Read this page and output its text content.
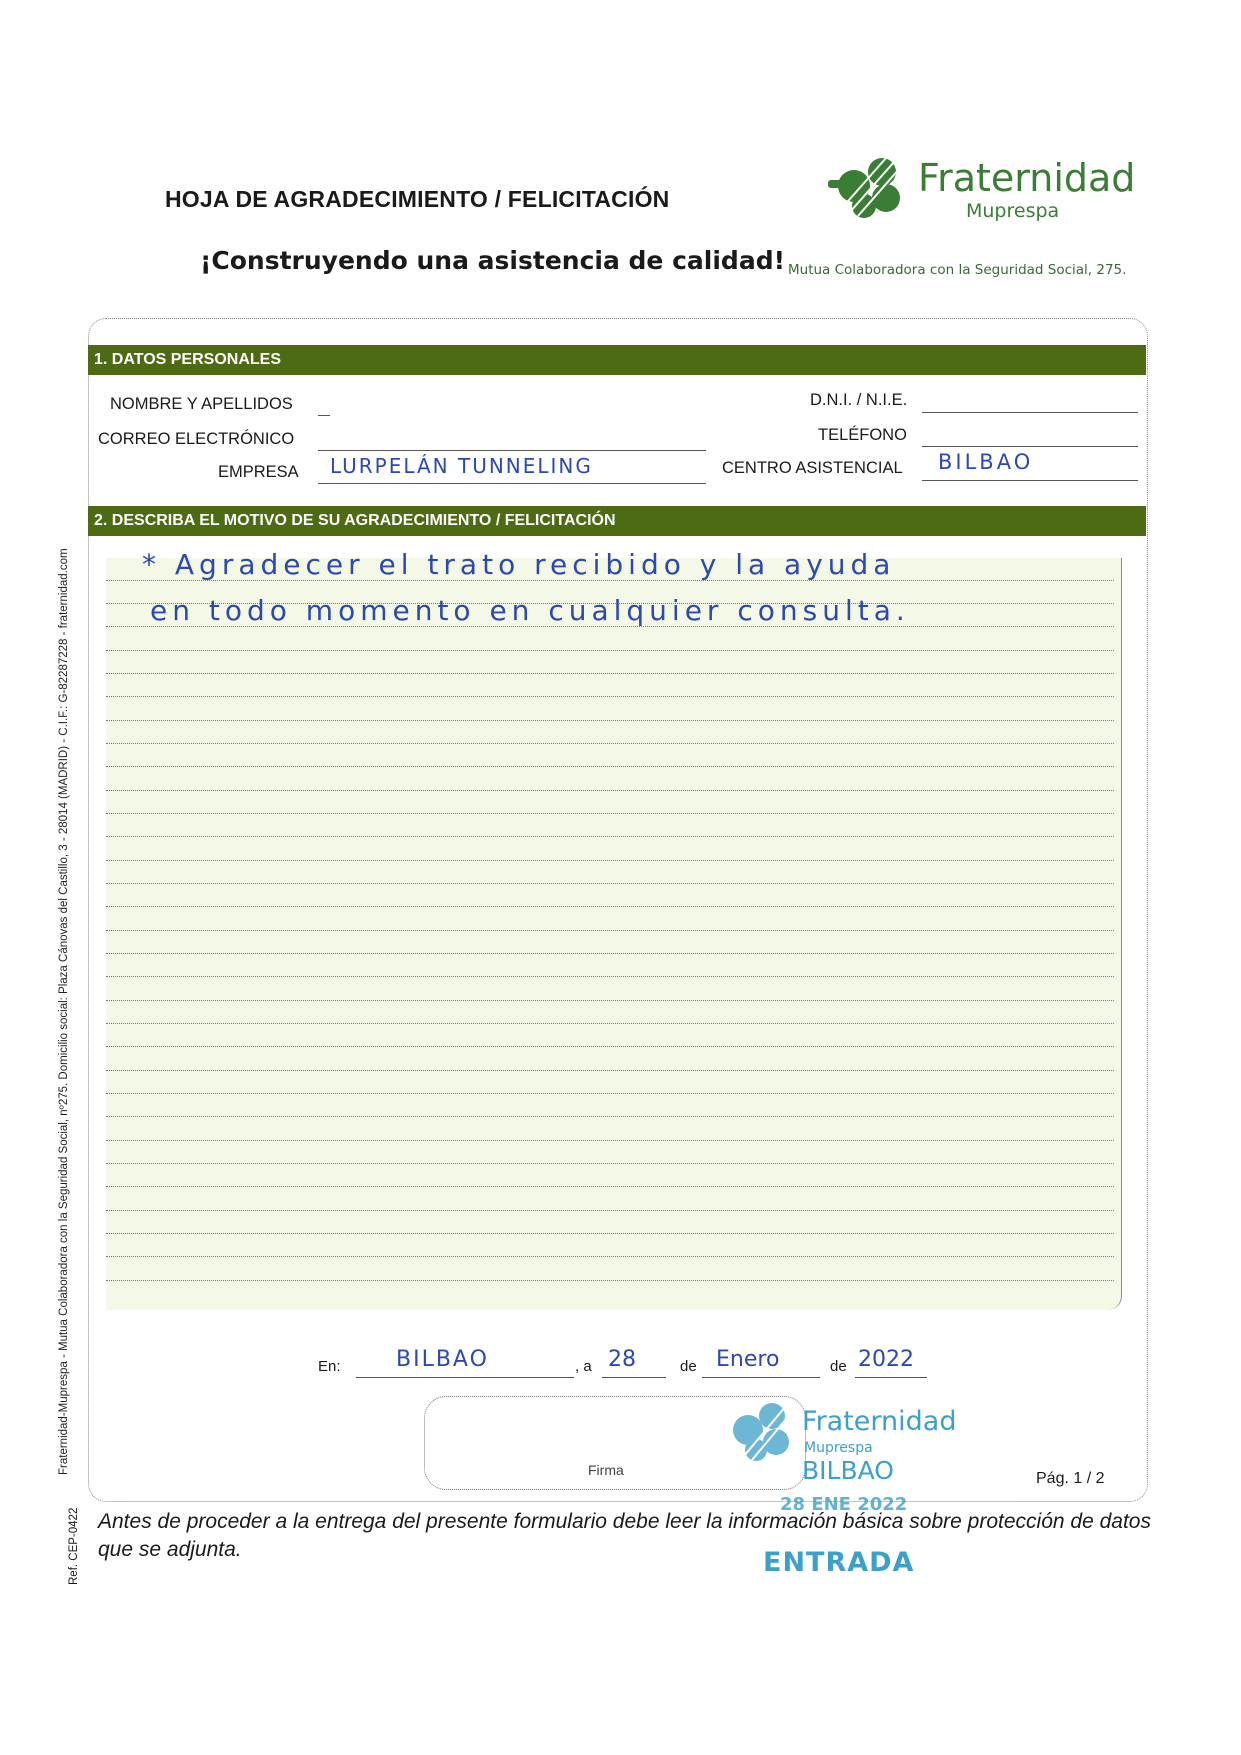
HOJA DE AGRADECIMIENTO / FELICITACIÓN
¡Construyendo una asistencia de calidad!
Fraternidad
Muprespa
Mutua Colaboradora con la Seguridad Social, 275.
Fraternidad-Muprespa - Mutua Colaboradora con la Seguridad Social, nº275. Domicilio social: Plaza Cánovas del Castillo, 3 - 28014 (MADRID) - C.I.F.: G-82287228 - fraternidad.com
Ref. CEP-0422
1. DATOS PERSONALES
NOMBRE Y APELLIDOS
CORREO ELECTRÓNICO
EMPRESA LURPELÁN TUNNELING
D.N.I. / N.I.E.
TELÉFONO
CENTRO ASISTENCIAL BILBAO
2. DESCRIBA EL MOTIVO DE SU AGRADECIMIENTO / FELICITACIÓN
* Agradecer el trato recibido y la ayuda
en todo momento en cualquier consulta.
En:	BILBAO	, a 28	de Enero	de 2022
Firma
Fraternidad
Muprespa
BILBAO
28 ENE 2022
ENTRADA
Pág. 1 / 2
Antes de proceder a la entrega del presente formulario debe leer la información básica sobre protección de datos que se adjunta.
